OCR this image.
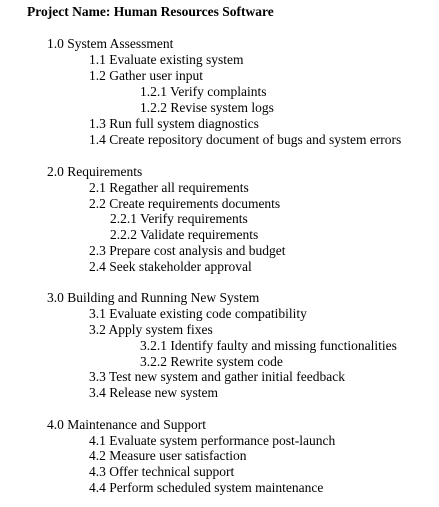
Project Name: Human Resources Software
1.0 System Assessment
1.1 Evaluate existing system
1.2 Gather user input
1.2.1 Verify complaints
1.2.2 Revise system logs
1.3 Run full system diagnostics
1.4 Create repository document of bugs and system errors
2.0 Requirements
2.1 Regather all requirements
2.2 Create requirements documents
2.2.1 Verify requirements
2.2.2 Validate requirements
2.3 Prepare cost analysis and budget
2.4 Seek stakeholder approval
3.0 Building and Running New System
3.1 Evaluate existing code compatibility
3.2 Apply system fixes
3.2.1 Identify faulty and missing functionalities
3.2.2 Rewrite system code
3.3 Test new system and gather initial feedback
3.4 Release new system
4.0 Maintenance and Support
4.1 Evaluate system performance post-launch
4.2 Measure user satisfaction
4.3 Offer technical support
4.4 Perform scheduled system maintenance
